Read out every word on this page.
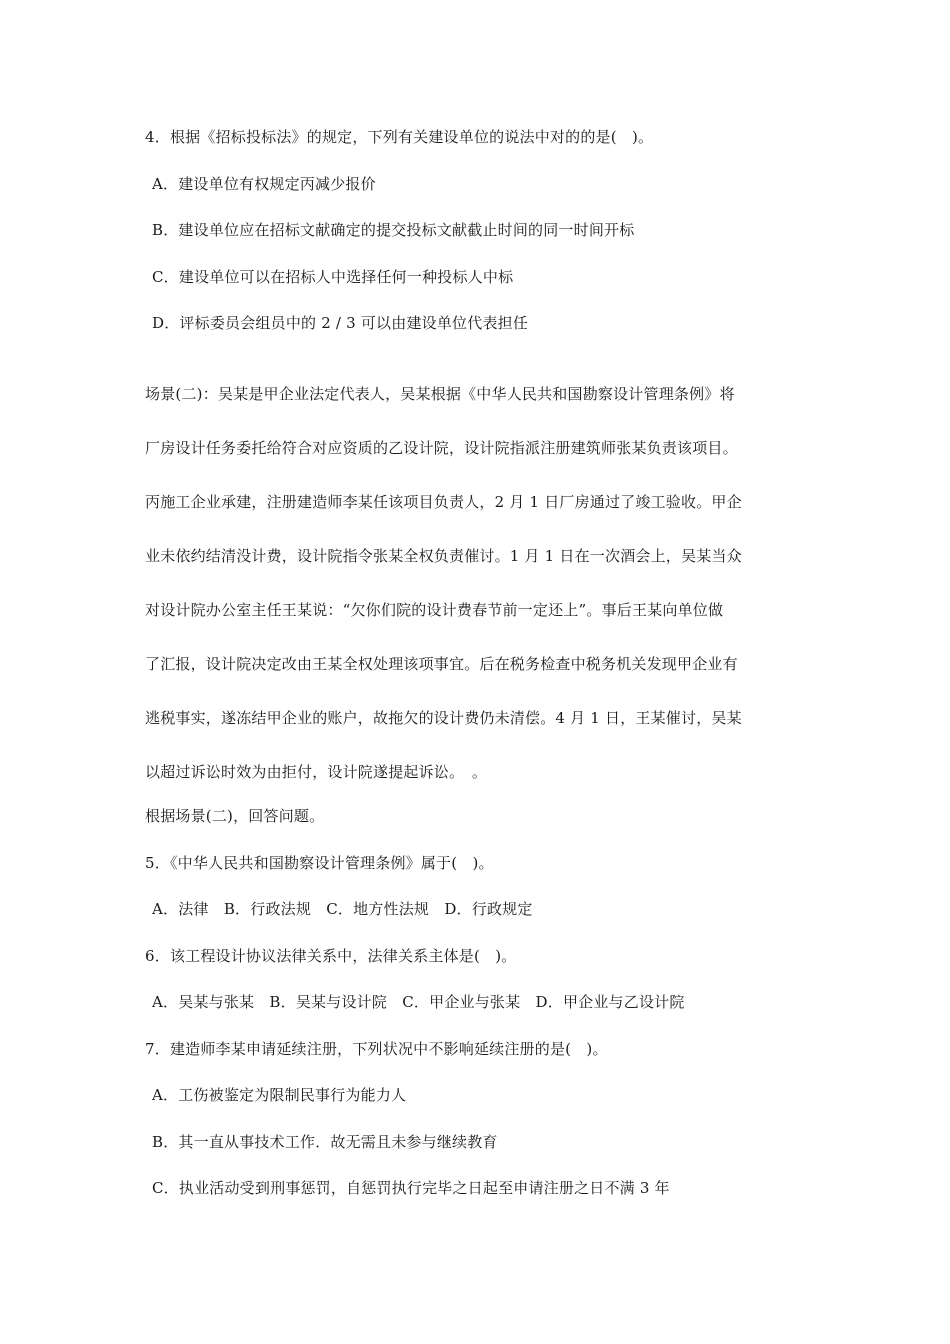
4．根据《招标投标法》的规定，下列有关建设单位的说法中对的的是(　)。
A．建设单位有权规定丙减少报价
B．建设单位应在招标文献确定的提交投标文献截止时间的同一时间开标
C．建设单位可以在招标人中选择任何一种投标人中标
D．评标委员会组员中的 2 / 3 可以由建设单位代表担任
场景(二)：吴某是甲企业法定代表人，吴某根据《中华人民共和国勘察设计管理条例》将
厂房设计任务委托给符合对应资质的乙设计院，设计院指派注册建筑师张某负责该项目。
丙施工企业承建，注册建造师李某任该项目负责人，2 月 1 日厂房通过了竣工验收。甲企
业未依约结清没计费，设计院指令张某全权负责催讨。1 月 1 日在一次酒会上，吴某当众
对设计院办公室主任王某说：“欠你们院的设计费春节前一定还上”。事后王某向单位做
了汇报，设计院决定改由王某全权处理该项事宜。后在税务检查中税务机关发现甲企业有
逃税事实，遂冻结甲企业的账户，故拖欠的设计费仍未清偿。4 月 1 日，王某催讨，吴某
以超过诉讼时效为由拒付，设计院遂提起诉讼。　。
根据场景(二)，回答问题。
5．《中华人民共和国勘察设计管理条例》属于(　)。
A．法律　B．行政法规　C．地方性法规　D．行政规定
6．该工程设计协议法律关系中，法律关系主体是(　)。
A．吴某与张某　B．吴某与设计院　C．甲企业与张某　D．甲企业与乙设计院
7．建造师李某申请延续注册，下列状况中不影响延续注册的是(　)。
A．工伤被鉴定为限制民事行为能力人
B．其一直从事技术工作．故无需且未参与继续教育
C．执业活动受到刑事惩罚，自惩罚执行完毕之日起至申请注册之日不满 3 年
